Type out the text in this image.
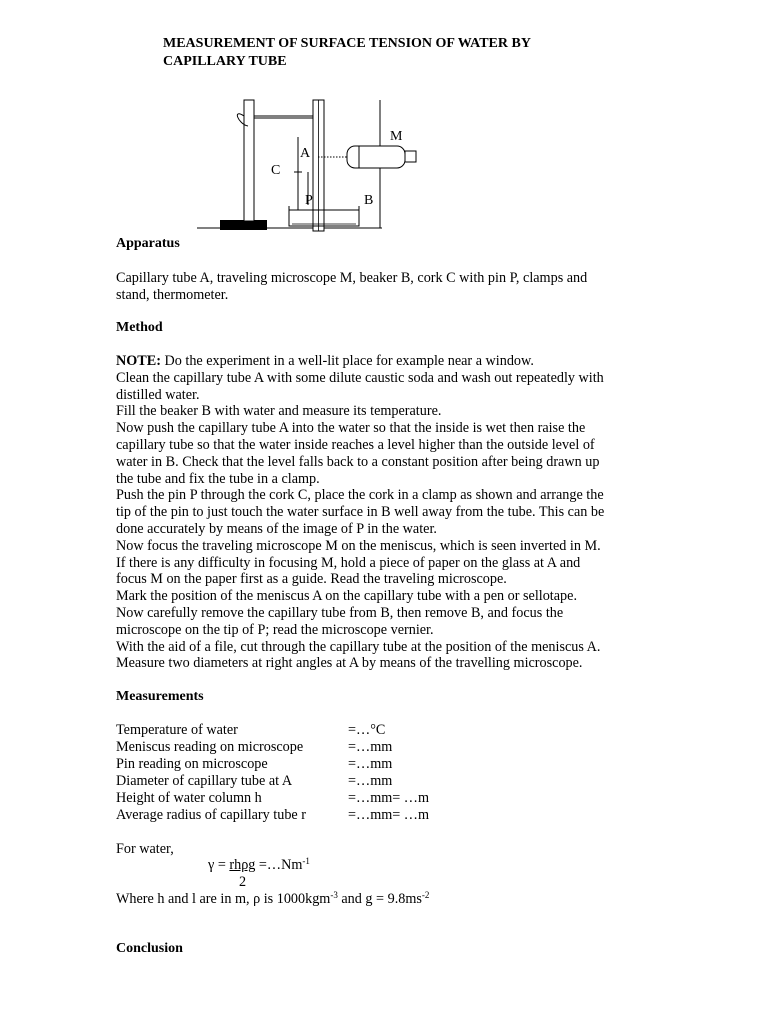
MEASUREMENT OF SURFACE TENSION OF WATER BY
CAPILLARY TUBE
M
A
C
P	B
Apparatus
Capillary tube A, traveling microscope M, beaker B, cork C with pin P, clamps and
stand, thermometer.
Method
NOTE: Do the experiment in a well-lit place for example near a window.
Clean the capillary tube A with some dilute caustic soda and wash out repeatedly with
distilled water.
Fill the beaker B with water and measure its temperature.
Now push the capillary tube A into the water so that the inside is wet then raise the
capillary tube so that the water inside reaches a level higher than the outside level of
water in B. Check that the level falls back to a constant position after being drawn up
the tube and fix the tube in a clamp.
Push the pin P through the cork C, place the cork in a clamp as shown and arrange the
tip of the pin to just touch the water surface in B well away from the tube. This can be
done accurately by means of the image of P in the water.
Now focus the traveling microscope M on the meniscus, which is seen inverted in M.
If there is any difficulty in focusing M, hold a piece of paper on the glass at A and
focus M on the paper first as a guide. Read the traveling microscope.
Mark the position of the meniscus A on the capillary tube with a pen or sellotape.
Now carefully remove the capillary tube from B, then remove B, and focus the
microscope on the tip of P; read the microscope vernier.
With the aid of a file, cut through the capillary tube at the position of the meniscus A.
Measure two diameters at right angles at A by means of the travelling microscope.
Measurements
Temperature of water	=…°C
Meniscus reading on microscope	=…mm
Pin reading on microscope	=…mm
Diameter of capillary tube at A	=…mm
Height of water column h	=…mm= …m
Average radius of capillary tube r	=…mm= …m
For water,
$\gamma = rh\rho g =\dots Nm^{-1}$
2
Where h and l are in m, ρ is 1000kgm$^{-3}$ and $g = 9.8ms^{-2}$
Conclusion
